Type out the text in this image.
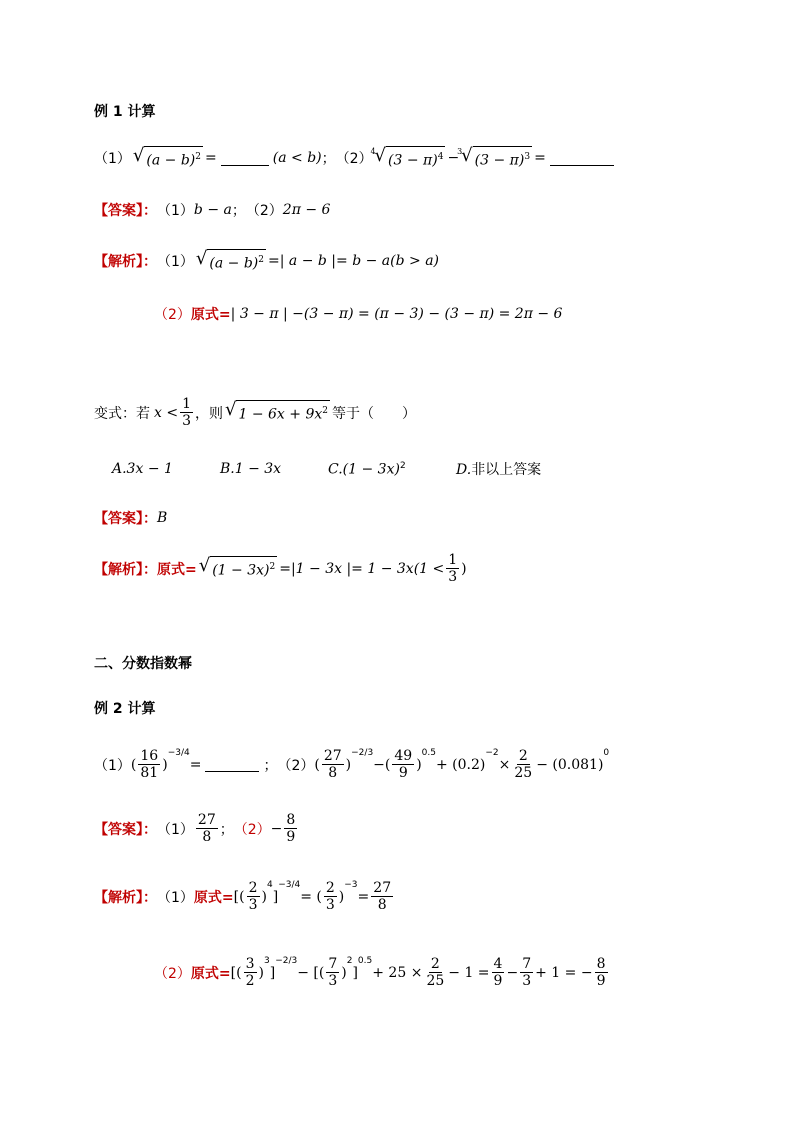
例 1 计算
（1） √ $(a - b)^2$ =	(a < b) ； （2）
4
√ $(3 - \pi)^4$ −
3
√ $(3 - \pi)^3$ =
【答案】： （1） b − a ； （2） 2π − 6
【解析】： （1） √ $(a - b)^2$ =| a − b |= b − a(b > a)
（2） 原式= | 3 − π | −(3 − π) = (π − 3) − (3 − π) = 2π − 6
变式：若 $x < \frac{1}{3}$ ，则 √ $1 - 6x + 9x^2$ 等于（　　）
A.3x − 1	B.1 − 3x	$C.(1 - 3x)^2$	D.非以上答案
【答案】： B
【解析】： 原式= √ $(1 - 3x)^2 =|1 - 3x$ |= $1 - 3x(1 < \frac{1}{3}$ )
二、分数指数幂
例 2 计算
（1） ( $\frac{16}{81}$ )
$^{-3/4}$
=	； （2） ( $\frac{27}{8}$ )
$^{-2/3}$
− ( $\frac{49}{9}$ )
$^{0.5}$
+ (0.2)
$^{-2}$
× $\frac{2}{25} - (0.081)$
$^0$
【答案】： $(1) \frac{27}{8}$ ； $(2) - \frac{8}{9}$
【解析】： （1） 原式= [( $\frac{2}{3}$ )
$^4$
]
$^{-3/4}$
= ( $\frac{2}{3}$ )
$^{-3}$
= $\frac{27}{8}$
（2） 原式= [( $\frac{3}{2}$ )
$^3$
]
$^{-2/3}$
− [( $\frac{7}{3}$ )
$^2$
]
$^{0.5}$
+ $25 \times \frac{2}{25} - 1 = \frac{4}{9} - \frac{7}{3} + 1$ = − $\frac{8}{9}$
